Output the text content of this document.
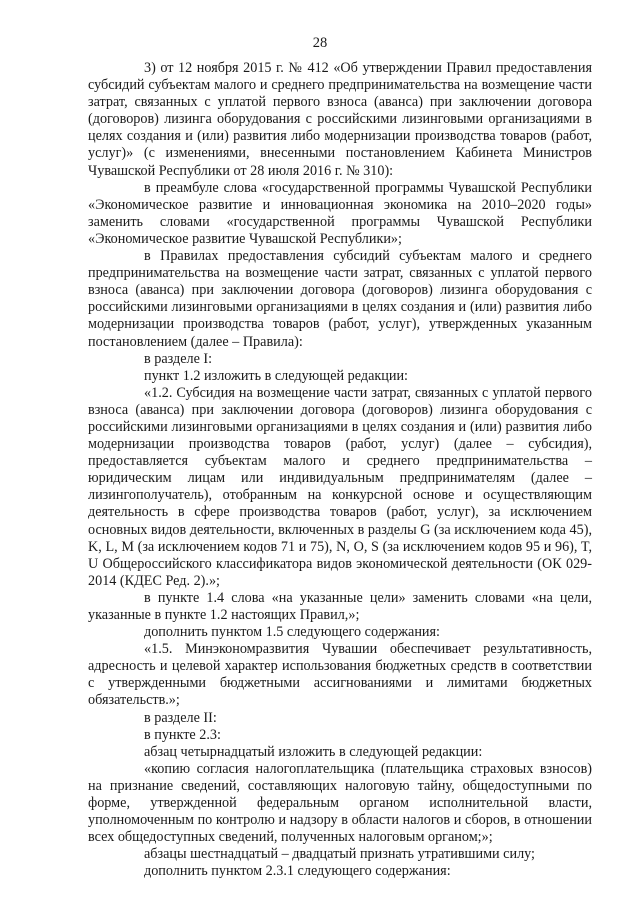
28

3) от 12 ноября 2015 г. № 412 «Об утверждении Правил предоставления субсидий субъектам малого и среднего предпринимательства на возмещение части затрат, связанных с уплатой первого взноса (аванса) при заключении договора (договоров) лизинга оборудования с российскими лизинговыми организациями в целях создания и (или) развития либо модернизации производства товаров (работ, услуг)» (с изменениями, внесенными постановлением Кабинета Министров Чувашской Республики от 28 июля 2016 г. № 310):

в преамбуле слова «государственной программы Чувашской Республики «Экономическое развитие и инновационная экономика на 2010–2020 годы» заменить словами «государственной программы Чувашской Республики «Экономическое развитие Чувашской Республики»;

в Правилах предоставления субсидий субъектам малого и среднего предпринимательства на возмещение части затрат, связанных с уплатой первого взноса (аванса) при заключении договора (договоров) лизинга оборудования с российскими лизинговыми организациями в целях создания и (или) развития либо модернизации производства товаров (работ, услуг), утвержденных указанным постановлением (далее – Правила):

в разделе I:

пункт 1.2 изложить в следующей редакции:

«1.2. Субсидия на возмещение части затрат, связанных с уплатой первого взноса (аванса) при заключении договора (договоров) лизинга оборудования с российскими лизинговыми организациями в целях создания и (или) развития либо модернизации производства товаров (работ, услуг) (далее – субсидия), предоставляется субъектам малого и среднего предпринимательства – юридическим лицам или индивидуальным предпринимателям (далее – лизингополучатель), отобранным на конкурсной основе и осуществляющим деятельность в сфере производства товаров (работ, услуг), за исключением основных видов деятельности, включенных в разделы G (за исключением кода 45), K, L, M (за исключением кодов 71 и 75), N, O, S (за исключением кодов 95 и 96), T, U Общероссийского классификатора видов экономической деятельности (ОК 029-2014 (КДЕС Ред. 2).»;

в пункте 1.4 слова «на указанные цели» заменить словами «на цели, указанные в пункте 1.2 настоящих Правил,»;

дополнить пунктом 1.5 следующего содержания:

«1.5. Минэкономразвития Чувашии обеспечивает результативность, адресность и целевой характер использования бюджетных средств в соответствии с утвержденными бюджетными ассигнованиями и лимитами бюджетных обязательств.»;

в разделе II:

в пункте 2.3:

абзац четырнадцатый изложить в следующей редакции:

«копию согласия налогоплательщика (плательщика страховых взносов) на признание сведений, составляющих налоговую тайну, общедоступными по форме, утвержденной федеральным органом исполнительной власти, уполномоченным по контролю и надзору в области налогов и сборов, в отношении всех общедоступных сведений, полученных налоговым органом;»;

абзацы шестнадцатый – двадцатый признать утратившими силу;

дополнить пунктом 2.3.1 следующего содержания:
